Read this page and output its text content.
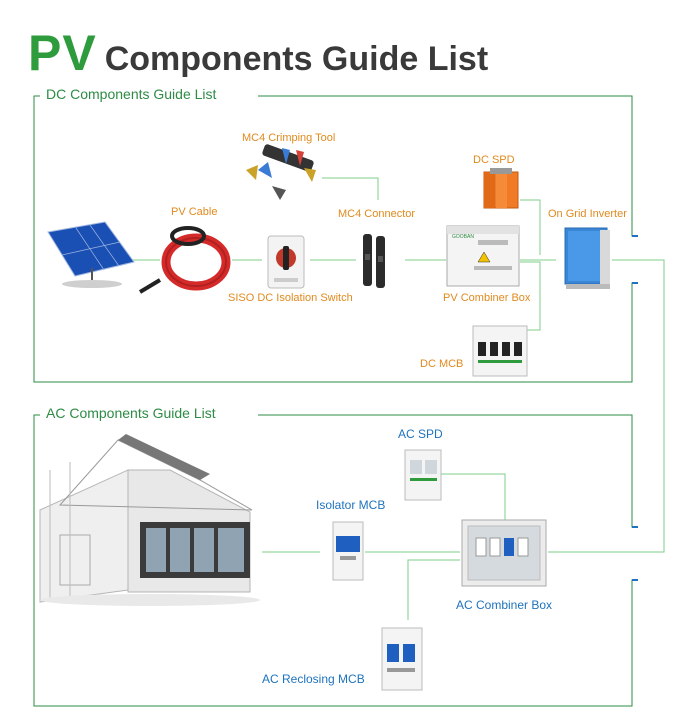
PV Components Guide List
GOOBAN
DC Components Guide List
AC Components Guide List
PV Cable
MC4 Crimping Tool
MC4 Connector
DC SPD
On Grid Inverter
SISO DC Isolation Switch	PV Combiner Box
DC MCB
AC SPD
Isolator MCB
AC Combiner Box
AC Reclosing MCB
